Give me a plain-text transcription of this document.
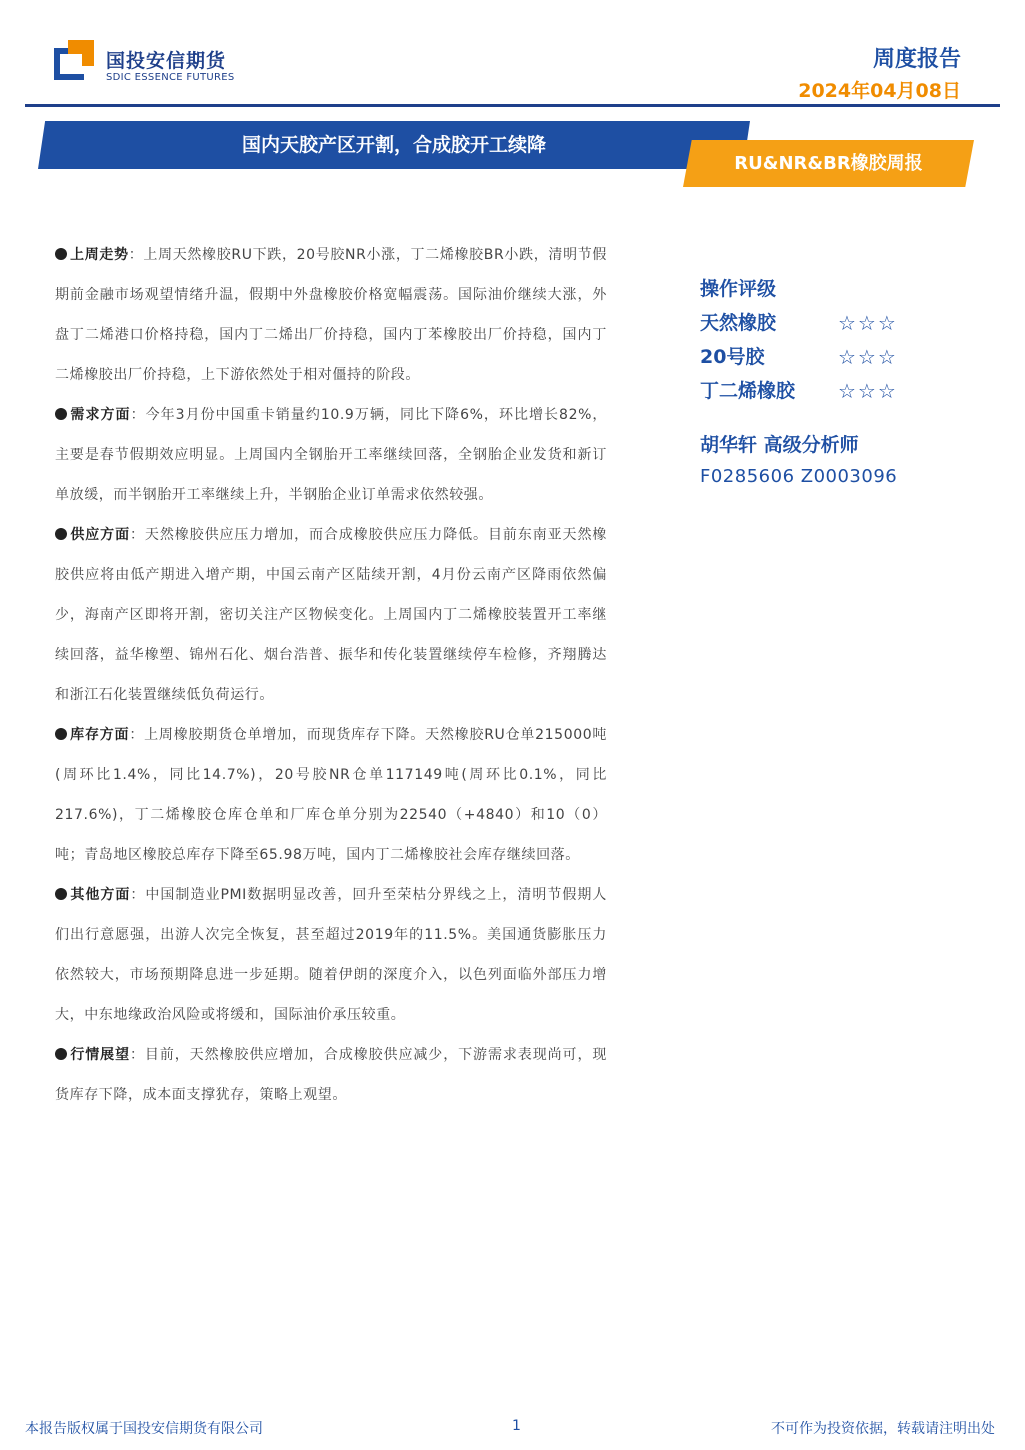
国投安信期货
SDIC ESSENCE FUTURES
周度报告
2024年04月08日
国内天胶产区开割，合成胶开工续降
RU&NR&BR橡胶周报

上周走势：上周天然橡胶RU下跌，20号胶NR小涨，丁二烯橡胶BR小跌，清明节假期前金融市场观望情绪升温，假期中外盘橡胶价格宽幅震荡。国际油价继续大涨，外盘丁二烯港口价格持稳，国内丁二烯出厂价持稳，国内丁苯橡胶出厂价持稳，国内丁二烯橡胶出厂价持稳，上下游依然处于相对僵持的阶段。

需求方面：今年3月份中国重卡销量约10.9万辆，同比下降6%，环比增长82%，主要是春节假期效应明显。上周国内全钢胎开工率继续回落，全钢胎企业发货和新订单放缓，而半钢胎开工率继续上升，半钢胎企业订单需求依然较强。

供应方面：天然橡胶供应压力增加，而合成橡胶供应压力降低。目前东南亚天然橡胶供应将由低产期进入增产期，中国云南产区陆续开割，4月份云南产区降雨依然偏少，海南产区即将开割，密切关注产区物候变化。上周国内丁二烯橡胶装置开工率继续回落，益华橡塑、锦州石化、烟台浩普、振华和传化装置继续停车检修，齐翔腾达和浙江石化装置继续低负荷运行。

库存方面：上周橡胶期货仓单增加，而现货库存下降。天然橡胶RU仓单215000吨(周环比1.4%，同比14.7%)，20号胶NR仓单117149吨(周环比0.1%，同比217.6%)，丁二烯橡胶仓库仓单和厂库仓单分别为22540（+4840）和10（0）吨；青岛地区橡胶总库存下降至65.98万吨，国内丁二烯橡胶社会库存继续回落。

其他方面：中国制造业PMI数据明显改善，回升至荣枯分界线之上，清明节假期人们出行意愿强，出游人次完全恢复，甚至超过2019年的11.5%。美国通货膨胀压力依然较大，市场预期降息进一步延期。随着伊朗的深度介入，以色列面临外部压力增大，中东地缘政治风险或将缓和，国际油价承压较重。

行情展望：目前，天然橡胶供应增加，合成橡胶供应减少，下游需求表现尚可，现货库存下降，成本面支撑犹存，策略上观望。

操作评级
天然橡胶	☆☆☆
20号胶	☆☆☆
丁二烯橡胶 ☆☆☆
胡华轩 高级分析师
F0285606 Z0003096
本报告版权属于国投安信期货有限公司	1	不可作为投资依据，转载请注明出处
